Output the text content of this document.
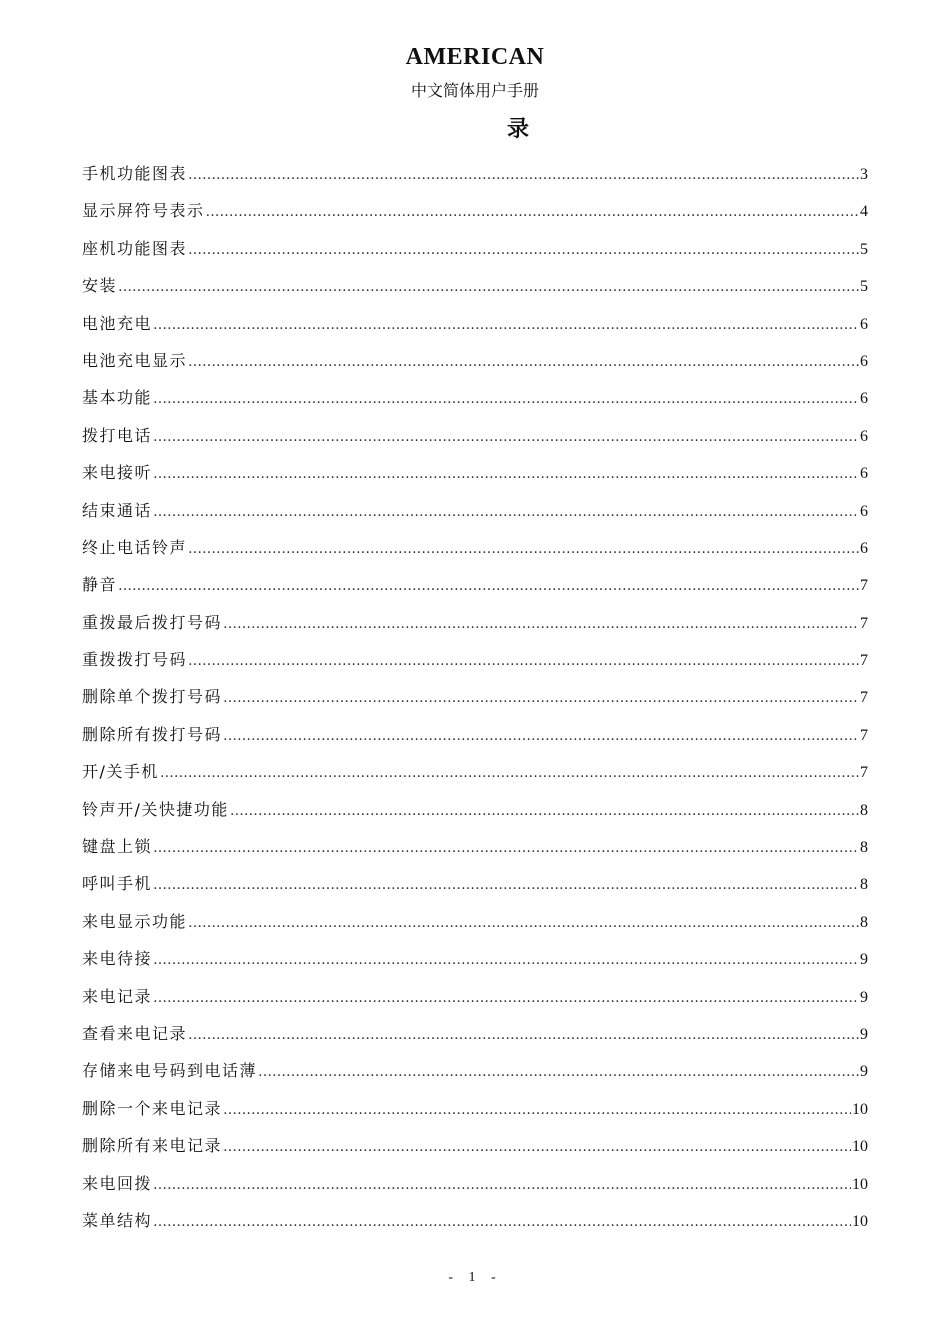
AMERICAN
中文简体用户手册
录
手机功能图表 ………………………………………………………………………………………………………………………………………………………………………………………	3
显示屏符号表示 ………………………………………………………………………………………………………………………………………………………………………………………	4
座机功能图表 ………………………………………………………………………………………………………………………………………………………………………………………	5
安装 ………………………………………………………………………………………………………………………………………………………………………………………	5
电池充电 ………………………………………………………………………………………………………………………………………………………………………………………	6
电池充电显示 ………………………………………………………………………………………………………………………………………………………………………………………	6
基本功能 ………………………………………………………………………………………………………………………………………………………………………………………	6
拨打电话 ………………………………………………………………………………………………………………………………………………………………………………………	6
来电接听 ………………………………………………………………………………………………………………………………………………………………………………………	6
结束通话 ………………………………………………………………………………………………………………………………………………………………………………………	6
终止电话铃声 ………………………………………………………………………………………………………………………………………………………………………………………	6
静音 ………………………………………………………………………………………………………………………………………………………………………………………	7
重拨最后拨打号码 ………………………………………………………………………………………………………………………………………………………………………………………	7
重拨拨打号码 ………………………………………………………………………………………………………………………………………………………………………………………	7
删除单个拨打号码 ………………………………………………………………………………………………………………………………………………………………………………………	7
删除所有拨打号码 ………………………………………………………………………………………………………………………………………………………………………………………	7
开/关手机 ………………………………………………………………………………………………………………………………………………………………………………………	7
铃声开/关快捷功能 ………………………………………………………………………………………………………………………………………………………………………………………	8
键盘上锁 ………………………………………………………………………………………………………………………………………………………………………………………	8
呼叫手机 ………………………………………………………………………………………………………………………………………………………………………………………	8
来电显示功能 ………………………………………………………………………………………………………………………………………………………………………………………	8
来电待接 ………………………………………………………………………………………………………………………………………………………………………………………	9
来电记录 ………………………………………………………………………………………………………………………………………………………………………………………	9
查看来电记录 ………………………………………………………………………………………………………………………………………………………………………………………	9
存储来电号码到电话薄 ………………………………………………………………………………………………………………………………………………………………………………………	9
删除一个来电记录 ………………………………………………………………………………………………………………………………………………………………………………………	10
删除所有来电记录 ………………………………………………………………………………………………………………………………………………………………………………………	10
来电回拨 ………………………………………………………………………………………………………………………………………………………………………………………	10
菜单结构 ………………………………………………………………………………………………………………………………………………………………………………………	10
- 1 -
